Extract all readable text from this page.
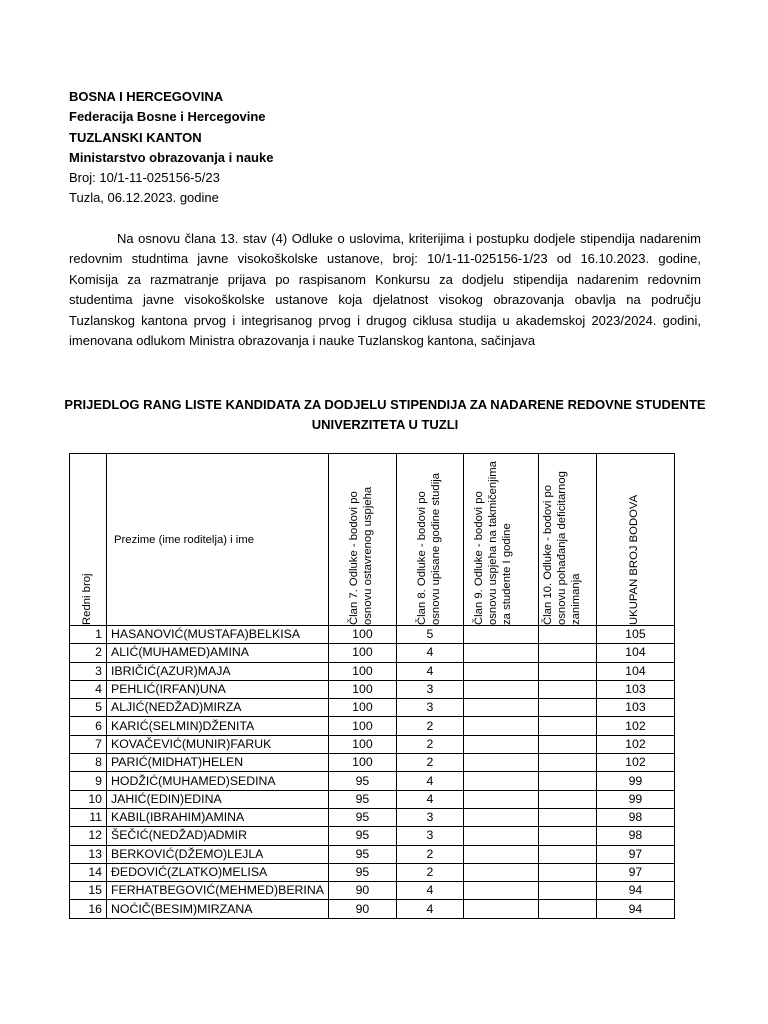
BOSNA I HERCEGOVINA
Federacija Bosne i Hercegovine
TUZLANSKI KANTON
Ministarstvo obrazovanja i nauke
Broj: 10/1-11-025156-5/23
Tuzla, 06.12.2023. godine
Na osnovu člana 13. stav (4) Odluke o uslovima, kriterijima i postupku dodjele stipendija nadarenim redovnim studntima javne visokoškolske ustanove, broj: 10/1-11-025156-1/23 od 16.10.2023. godine, Komisija za razmatranje prijava po raspisanom Konkursu za dodjelu stipendija nadarenim redovnim studentima javne visokoškolske ustanove koja djelatnost visokog obrazovanja obavlja na području Tuzlanskog kantona prvog i integrisanog prvog i drugog ciklusa studija u akademskoj 2023/2024. godini, imenovana odlukom Ministra obrazovanja i nauke Tuzlanskog kantona, sačinjava
PRIJEDLOG RANG LISTE KANDIDATA ZA DODJELU STIPENDIJA ZA NADARENE REDOVNE STUDENTE UNIVERZITETA U TUZLI
Redni broj	Prezime (ime roditelja) i ime	Član 7. Odluke - bodovi po osnovu ostavrenog uspjeha	Član 8. Odluke - bodovi po osnovu upisane godine studija	Član 9. Odluke - bodovi po osnovu uspjeha na takmičenjima za studente I godine	Član 10. Odluke - bodovi po osnovu pohađanja deficitarnog zanimanja	UKUPAN BROJ BODOVA

1	HASANOVIĆ(MUSTAFA)BELKISA	100	5			105
2	ALIĆ(MUHAMED)AMINA	100	4			104
3	IBRIČIĆ(AZUR)MAJA	100	4			104
4	PEHLIĆ(IRFAN)UNA	100	3			103
5	ALJIĆ(NEDŽAD)MIRZA	100	3			103
6	KARIĆ(SELMIN)DŽENITA	100	2			102
7	KOVAČEVIĆ(MUNIR)FARUK	100	2			102
8	PARIĆ(MIDHAT)HELEN	100	2			102
9	HODŽIĆ(MUHAMED)SEDINA	95	4			99
10	JAHIĆ(EDIN)EDINA	95	4			99
11	KABIL(IBRAHIM)AMINA	95	3			98
12	ŠEČIĆ(NEDŽAD)ADMIR	95	3			98
13	BERKOVIĆ(DŽEMO)LEJLA	95	2			97
14	ĐEDOVIĆ(ZLATKO)MELISA	95	2			97
15	FERHATBEGOVIĆ(MEHMED)BERINA	90	4			94
16	NOĆIČ(BESIM)MIRZANA	90	4			94
